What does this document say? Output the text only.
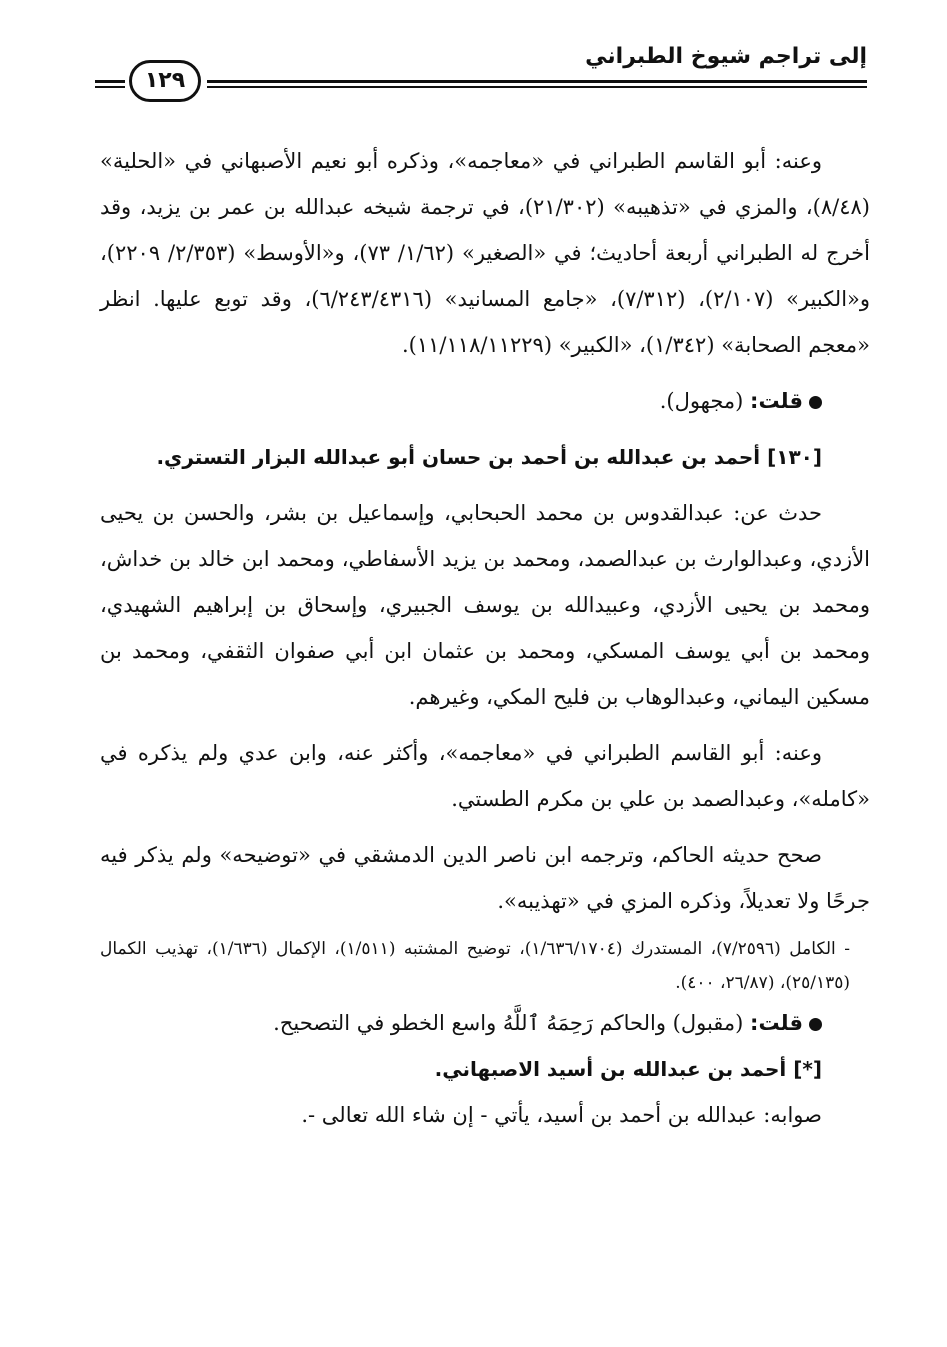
إلى تراجم شيوخ الطبراني
١٢٩

وعنه: أبو القاسم الطبراني في «معاجمه»، وذكره أبو نعيم الأصبهاني في «الحلية» (٨/٤٨)، والمزي في «تذهيبه» (٢١/٣٠٢)، في ترجمة شيخه عبدالله بن عمر بن يزيد، وقد أخرج له الطبراني أربعة أحاديث؛ في «الصغير» (١/٦٢/ ٧٣)، و«الأوسط» (٢/٣٥٣/ ٢٢٠٩)، و«الكبير» (٢/١٠٧)، (٧/٣١٢)، «جامع المسانيد» (٦/٢٤٣/٤٣١٦)، وقد توبع عليها. انظر «معجم الصحابة» (١/٣٤٢)، «الكبير» (١١/١١٨/١١٢٢٩).

قلت: (مجهول).

[١٣٠] أحمد بن عبدالله بن أحمد بن حسان أبو عبدالله البزار التستري.

حدث عن: عبدالقدوس بن محمد الحبحابي، وإسماعيل بن بشر، والحسن بن يحيى الأزدي، وعبدالوارث بن عبدالصمد، ومحمد بن يزيد الأسفاطي، ومحمد ابن خالد بن خداش، ومحمد بن يحيى الأزدي، وعبيدالله بن يوسف الجبيري، وإسحاق بن إبراهيم الشهيدي، ومحمد بن أبي يوسف المسكي، ومحمد بن عثمان ابن أبي صفوان الثقفي، ومحمد بن مسكين اليماني، وعبدالوهاب بن فليح المكي، وغيرهم.

وعنه: أبو القاسم الطبراني في «معاجمه»، وأكثر عنه، وابن عدي ولم يذكره في «كامله»، وعبدالصمد بن علي بن مكرم الطستي.

صحح حديثه الحاكم، وترجمه ابن ناصر الدين الدمشقي في «توضيحه» ولم يذكر فيه جرحًا ولا تعديلاً، وذكره المزي في «تهذيبه».

- الكامل (٧/٢٥٩٦)، المستدرك (١/٦٣٦/١٧٠٤)، توضيح المشتبه (١/٥١١)، الإكمال (١/٦٣٦)، تهذيب الكمال (٢٥/١٣٥)، (٢٦/٨٧، ٤٠٠).

قلت: (مقبول) والحاكم رَحِمَهُ ٱللَّهُ واسع الخطو في التصحيح.

[*] أحمد بن عبدالله بن أسيد الاصبهاني.

صوابه: عبدالله بن أحمد بن أسيد، يأتي - إن شاء الله تعالى -.
